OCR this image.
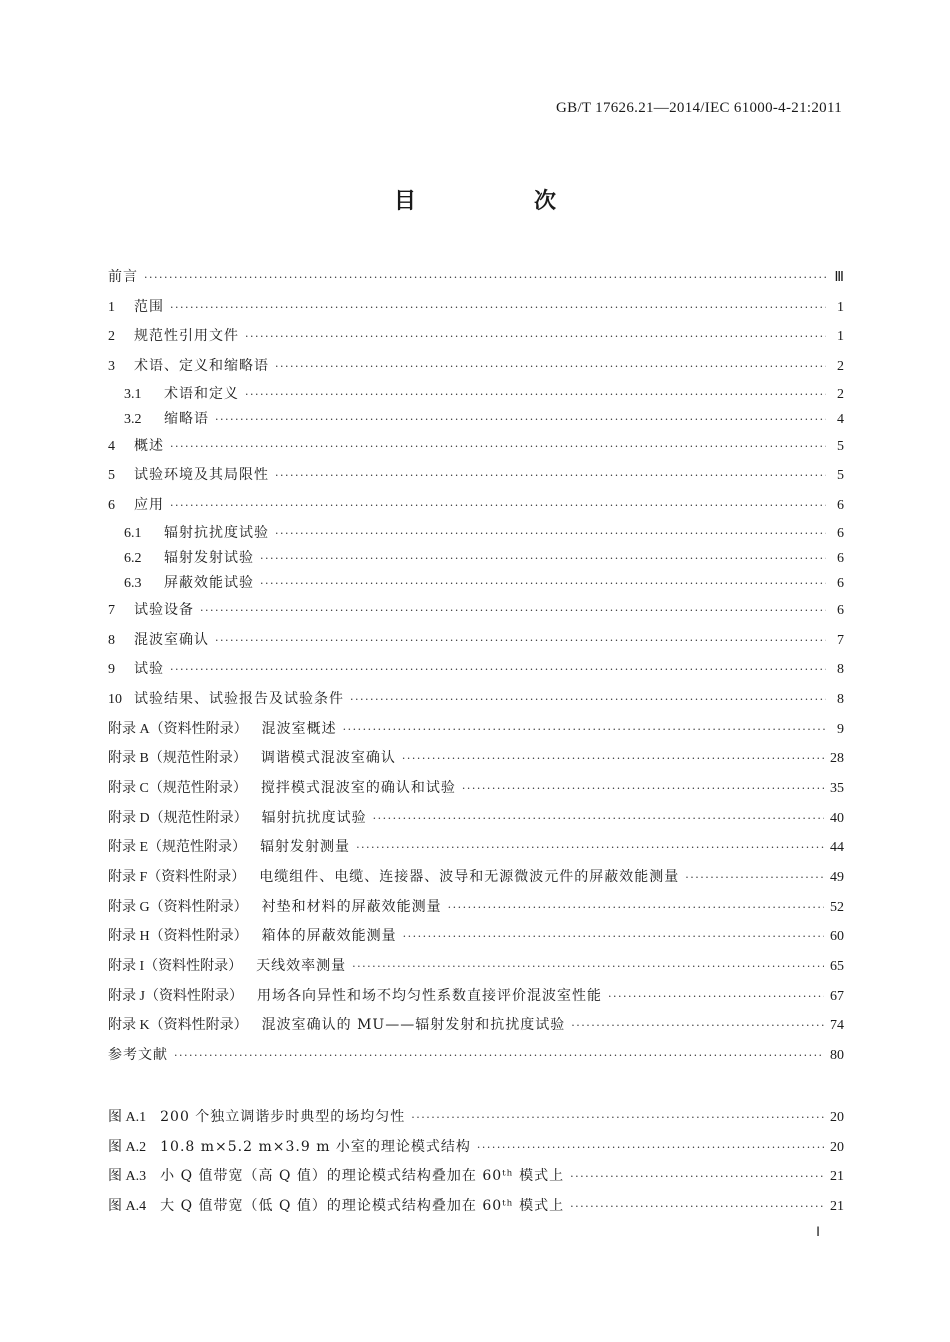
GB/T 17626.21—2014/IEC 61000-4-21:2011
目　次
前言 ·····	Ⅲ
1	范围 ·····	1
2	规范性引用文件 ·····	1
3	术语、定义和缩略语 ·····	2
3.1	术语和定义 ·····	2
3.2	缩略语 ·····	4
4	概述 ·····	5
5	试验环境及其局限性 ·····	5
6	应用 ·····	6
6.1	辐射抗扰度试验 ·····	6
6.2	辐射发射试验 ·····	6
6.3	屏蔽效能试验 ·····	6
7	试验设备 ·····	6
8	混波室确认 ·····	7
9	试验 ·····	8
10 试验结果、试验报告及试验条件 ·····	8
附录 A（资料性附录） 混波室概述 ·····	9
附录 B（规范性附录） 调谐模式混波室确认 ·····	28
附录 C（规范性附录） 搅拌模式混波室的确认和试验 ·····	35
附录 D（规范性附录） 辐射抗扰度试验 ·····	40
附录 E（规范性附录） 辐射发射测量 ·····	44
附录 F（资料性附录） 电缆组件、电缆、连接器、波导和无源微波元件的屏蔽效能测量 ·····	49
附录 G（资料性附录） 衬垫和材料的屏蔽效能测量 ·····	52
附录 H（资料性附录） 箱体的屏蔽效能测量 ·····	60
附录 I（资料性附录） 天线效率测量 ·····	65
附录 J（资料性附录） 用场各向异性和场不均匀性系数直接评价混波室性能 ·····	67
附录 K（资料性附录） 混波室确认的 MU——辐射发射和抗扰度试验 ·····	74
参考文献 ·····	80
图 A.1 200 个独立调谐步时典型的场均匀性 ·····	20
图 A.2 10.8 m×5.2 m×3.9 m 小室的理论模式结构 ·····	20
图 A.3 小 Q 值带宽（高 Q 值）的理论模式结构叠加在 60ᵗʰ 模式上 ·····	21
图 A.4 大 Q 值带宽（低 Q 值）的理论模式结构叠加在 60ᵗʰ 模式上 ·····	21
Ⅰ
